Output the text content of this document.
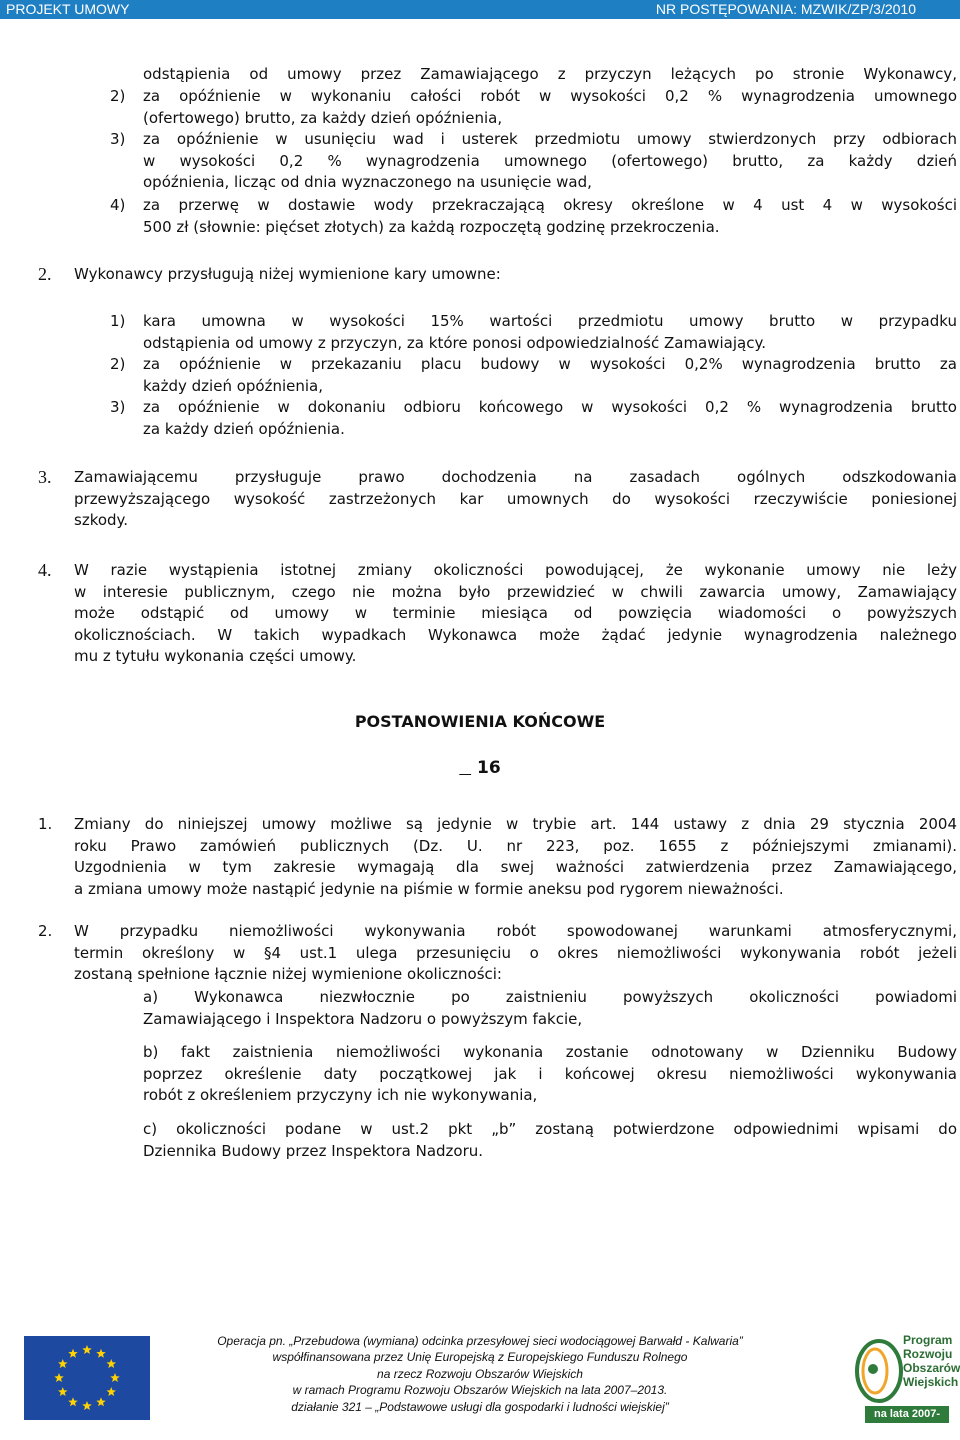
PROJEKT UMOWY	NR POSTĘPOWANIA: MZWIK/ZP/3/2010
odstąpienia od umowy przez Zamawiającego z przyczyn leżących po stronie Wykonawcy,
2) za opóźnienie w wykonaniu całości robót w wysokości 0,2 % wynagrodzenia umownego
(ofertowego) brutto, za każdy dzień opóźnienia,
3) za opóźnienie w usunięciu wad i usterek przedmiotu umowy stwierdzonych przy odbiorach
w wysokości 0,2 % wynagrodzenia umownego (ofertowego) brutto, za każdy dzień
opóźnienia, licząc od dnia wyznaczonego na usunięcie wad,
4) za przerwę w dostawie wody przekraczającą okresy określone w 4 ust 4 w wysokości
500 zł (słownie: pięćset złotych) za każdą rozpoczętą godzinę przekroczenia.
2. Wykonawcy przysługują niżej wymienione kary umowne:
1) kara umowna w wysokości 15% wartości przedmiotu umowy brutto w przypadku
odstąpienia od umowy z przyczyn, za które ponosi odpowiedzialność Zamawiający.
2) za opóźnienie w przekazaniu placu budowy w wysokości 0,2% wynagrodzenia brutto za
każdy dzień opóźnienia,
3) za opóźnienie w dokonaniu odbioru końcowego w wysokości 0,2 % wynagrodzenia brutto
za każdy dzień opóźnienia.
3. Zamawiającemu przysługuje prawo dochodzenia na zasadach ogólnych odszkodowania
przewyższającego wysokość zastrzeżonych kar umownych do wysokości rzeczywiście poniesionej
szkody.
4. W razie wystąpienia istotnej zmiany okoliczności powodującej, że wykonanie umowy nie leży
w interesie publicznym, czego nie można było przewidzieć w chwili zawarcia umowy, Zamawiający
może odstąpić od umowy w terminie miesiąca od powzięcia wiadomości o powyższych
okolicznościach. W takich wypadkach Wykonawca może żądać jedynie wynagrodzenia należnego
mu z tytułu wykonania części umowy.
POSTANOWIENIA KOŃCOWE
16
1. Zmiany do niniejszej umowy możliwe są jedynie w trybie art. 144 ustawy z dnia 29 stycznia 2004
roku Prawo zamówień publicznych (Dz. U. nr 223, poz. 1655 z późniejszymi zmianami).
Uzgodnienia w tym zakresie wymagają dla swej ważności zatwierdzenia przez Zamawiającego,
a zmiana umowy może nastąpić jedynie na piśmie w formie aneksu pod rygorem nieważności.
2. W przypadku niemożliwości wykonywania robót spowodowanej warunkami atmosferycznymi,
termin określony w §4 ust.1 ulega przesunięciu o okres niemożliwości wykonywania robót jeżeli
zostaną spełnione łącznie niżej wymienione okoliczności:
a) Wykonawca niezwłocznie po zaistnieniu powyższych okoliczności powiadomi
Zamawiającego i Inspektora Nadzoru o powyższym fakcie,
b) fakt zaistnienia niemożliwości wykonania zostanie odnotowany w Dzienniku Budowy
poprzez określenie daty początkowej jak i końcowej okresu niemożliwości wykonywania
robót z określeniem przyczyny ich nie wykonywania,
c) okoliczności podane w ust.2 pkt „b” zostaną potwierdzone odpowiednimi wpisami do
Dziennika Budowy przez Inspektora Nadzoru.
Operacja pn. „Przebudowa (wymiana) odcinka przesyłowej sieci wodociągowej Barwałd - Kalwaria”
współfinansowana przez Unię Europejską z Europejskiego Funduszu Rolnego
na rzecz Rozwoju Obszarów Wiejskich
w ramach Programu Rozwoju Obszarów Wiejskich na lata 2007–2013.
działanie 321 – „Podstawowe usługi dla gospodarki i ludności wiejskiej”
Program
Rozwoju
Obszarów
Wiejskich
na lata 2007-2013
